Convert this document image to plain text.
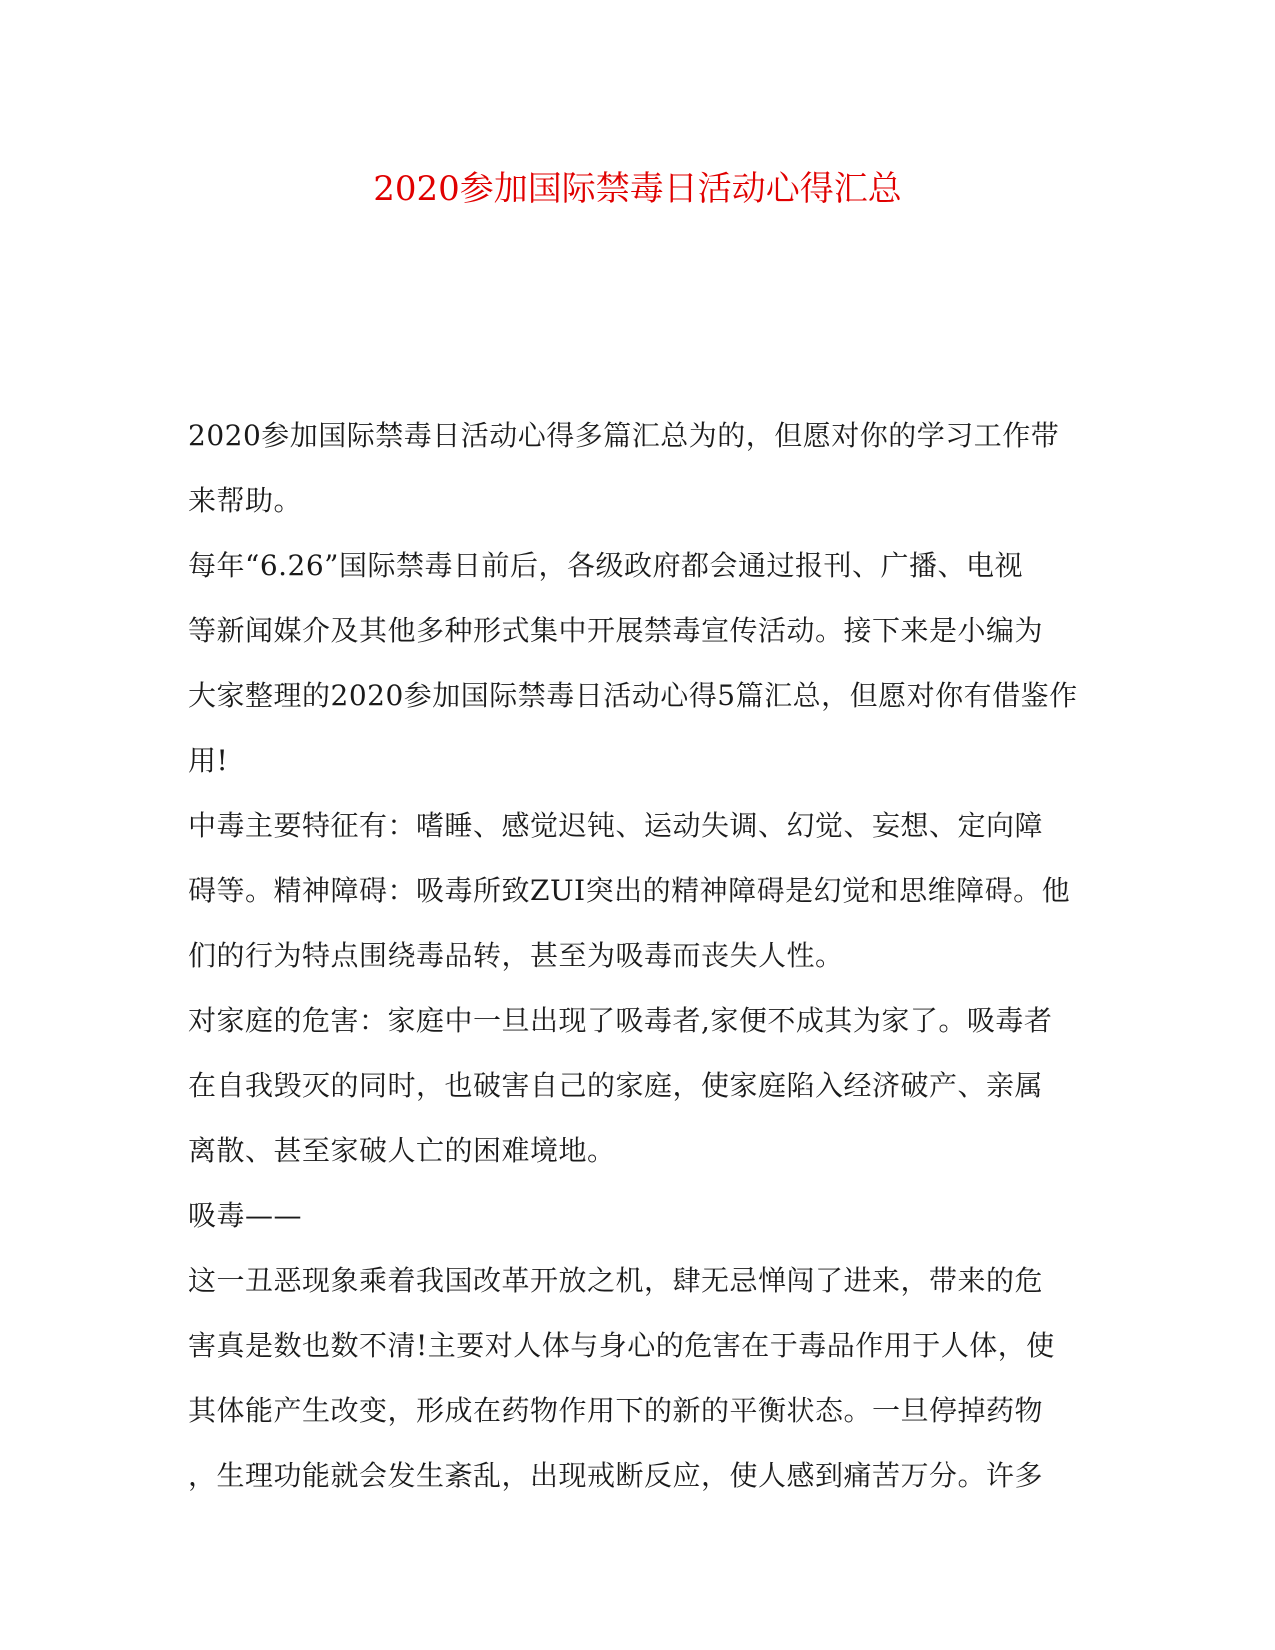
2020参加国际禁毒日活动心得汇总
2020参加国际禁毒日活动心得多篇汇总为的，但愿对你的学习工作带
来帮助。
每年“6.26”国际禁毒日前后，各级政府都会通过报刊、广播、电视
等新闻媒介及其他多种形式集中开展禁毒宣传活动。接下来是小编为
大家整理的2020参加国际禁毒日活动心得5篇汇总，但愿对你有借鉴作
用!
中毒主要特征有：嗜睡、感觉迟钝、运动失调、幻觉、妄想、定向障
碍等。精神障碍：吸毒所致ZUI突出的精神障碍是幻觉和思维障碍。他
们的行为特点围绕毒品转，甚至为吸毒而丧失人性。
对家庭的危害：家庭中一旦出现了吸毒者,家便不成其为家了。吸毒者
在自我毁灭的同时，也破害自己的家庭，使家庭陷入经济破产、亲属
离散、甚至家破人亡的困难境地。
吸毒——
这一丑恶现象乘着我国改革开放之机，肆无忌惮闯了进来，带来的危
害真是数也数不清!主要对人体与身心的危害在于毒品作用于人体，使
其体能产生改变，形成在药物作用下的新的平衡状态。一旦停掉药物
，生理功能就会发生紊乱，出现戒断反应，使人感到痛苦万分。许多
